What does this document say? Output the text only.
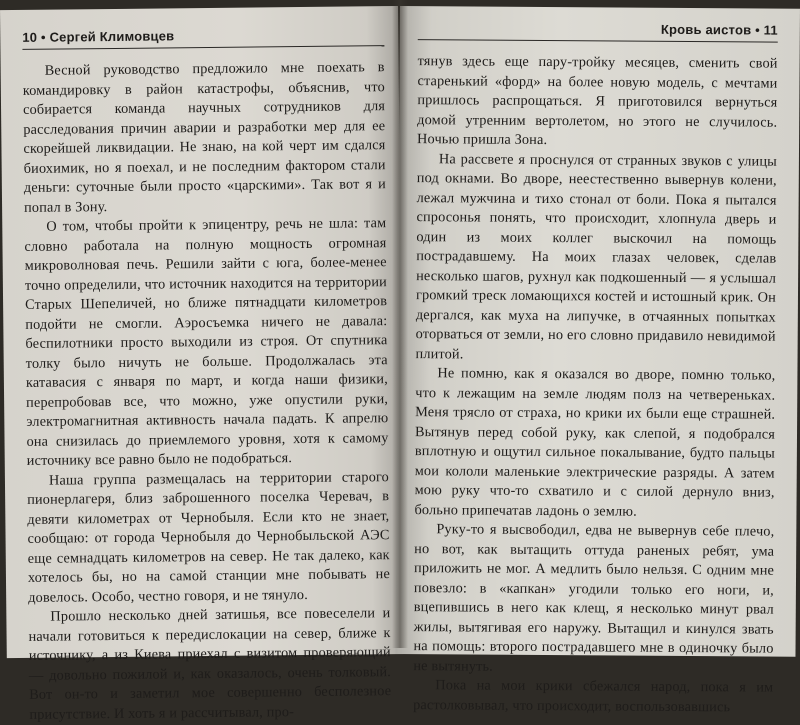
10 • Сергей Климовцев

Весной руководство предложило мне поехать в командировку в район катастрофы, объяснив, что собирается команда научных сотрудников для расследования причин аварии и разработки мер для ее скорейшей ликвидации. Не знаю, на кой черт им сдался биохимик, но я поехал, и не последним фактором стали деньги: суточные были просто «царскими». Так вот я и попал в Зону.

О том, чтобы пройти к эпицентру, речь не шла: там словно работала на полную мощность огромная микроволновая печь. Решили зайти с юга, более-менее точно определили, что источник находится на территории Старых Шепеличей, но ближе пятнадцати километров подойти не смогли. Аэросъемка ничего не давала: беспилотники просто выходили из строя. От спутника толку было ничуть не больше. Продолжалась эта катавасия с января по март, и когда наши физики, перепробовав все, что можно, уже опустили руки, электромагнитная активность начала падать. К апрелю она снизилась до приемлемого уровня, хотя к самому источнику все равно было не подобраться.

Наша группа размещалась на территории старого пионерлагеря, близ заброшенного поселка Черевач, в девяти километрах от Чернобыля. Если кто не знает, сообщаю: от города Чернобыля до Чернобыльской АЭС еще семнадцать километров на север. Не так далеко, как хотелось бы, но на самой станции мне побывать не довелось. Особо, честно говоря, и не тянуло.

Прошло несколько дней затишья, все повеселели и начали готовиться к передислокации на север, ближе к источнику, а из Киева приехал с визитом проверяющий — довольно пожилой и, как оказалось, очень толковый. Вот он-то и заметил мое совершенно бесполезное присутствие. И хоть я и рассчитывал, про-

Кровь аистов • 11

тянув здесь еще пару-тройку месяцев, сменить свой старенький «форд» на более новую модель, с мечтами пришлось распрощаться. Я приготовился вернуться домой утренним вертолетом, но этого не случилось. Ночью пришла Зона.

На рассвете я проснулся от странных звуков с улицы под окнами. Во дворе, неестественно вывернув колени, лежал мужчина и тихо стонал от боли. Пока я пытался спросонья понять, что происходит, хлопнула дверь и один из моих коллег выскочил на помощь пострадавшему. На моих глазах человек, сделав несколько шагов, рухнул как подкошенный — я услышал громкий треск ломающихся костей и истошный крик. Он дергался, как муха на липучке, в отчаянных попытках оторваться от земли, но его словно придавило невидимой плитой.

Не помню, как я оказался во дворе, помню только, что к лежащим на земле людям полз на четвереньках. Меня трясло от страха, но крики их были еще страшней. Вытянув перед собой руку, как слепой, я подобрался вплотную и ощутил сильное покалывание, будто пальцы мои кололи маленькие электрические разряды. А затем мою руку что-то схватило и с силой дернуло вниз, больно припечатав ладонь о землю.

Руку-то я высвободил, едва не вывернув себе плечо, но вот, как вытащить оттуда раненых ребят, ума приложить не мог. А медлить было нельзя. С одним мне повезло: в «капкан» угодили только его ноги, и, вцепившись в него как клещ, я несколько минут рвал жилы, вытягивая его наружу. Вытащил и кинулся звать на помощь: второго пострадавшего мне в одиночку было не вытянуть.

Пока на мои крики сбежался народ, пока я им растолковывал, что происходит, воспользовавшись
